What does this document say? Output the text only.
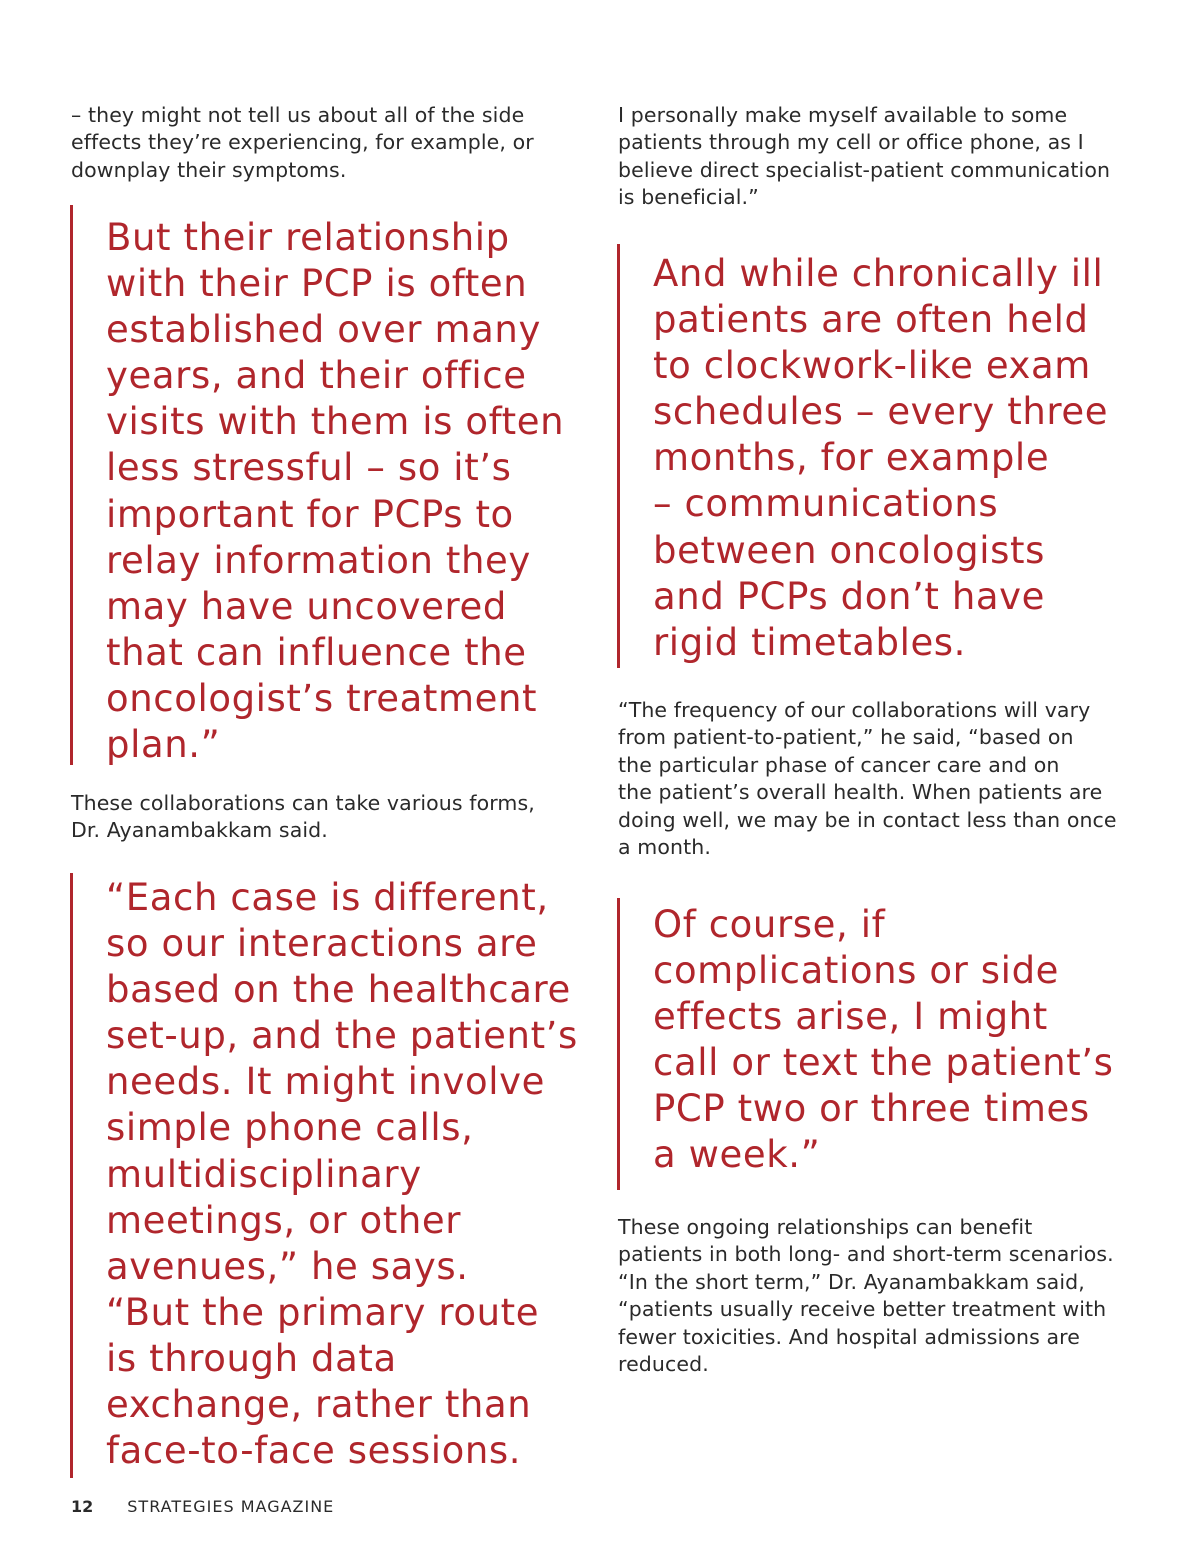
– they might not tell us about all of the side
effects they’re experiencing, for example, or
downplay their symptoms.

But their relationship
with their PCP is often
established over many
years, and their office
visits with them is often
less stressful – so it’s
important for PCPs to
relay information they
may have uncovered
that can influence the
oncologist’s treatment
plan.”

These collaborations can take various forms,
Dr. Ayanambakkam said.

“Each case is different,
so our interactions are
based on the healthcare
set-up, and the patient’s
needs. It might involve
simple phone calls,
multidisciplinary
meetings, or other
avenues,” he says.
“But the primary route
is through data
exchange, rather than
face-to-face sessions.

I personally make myself available to some
patients through my cell or office phone, as I
believe direct specialist-patient communication
is beneficial.”

And while chronically ill
patients are often held
to clockwork-like exam
schedules – every three
months, for example
– communications
between oncologists
and PCPs don’t have
rigid timetables.

“The frequency of our collaborations will vary
from patient-to-patient,” he said, “based on
the particular phase of cancer care and on
the patient’s overall health. When patients are
doing well, we may be in contact less than once
a month.

Of course, if
complications or side
effects arise, I might
call or text the patient’s
PCP two or three times
a week.”

These ongoing relationships can benefit
patients in both long- and short-term scenarios.
“In the short term,” Dr. Ayanambakkam said,
“patients usually receive better treatment with
fewer toxicities. And hospital admissions are
reduced.

12 STRATEGIES MAGAZINE
